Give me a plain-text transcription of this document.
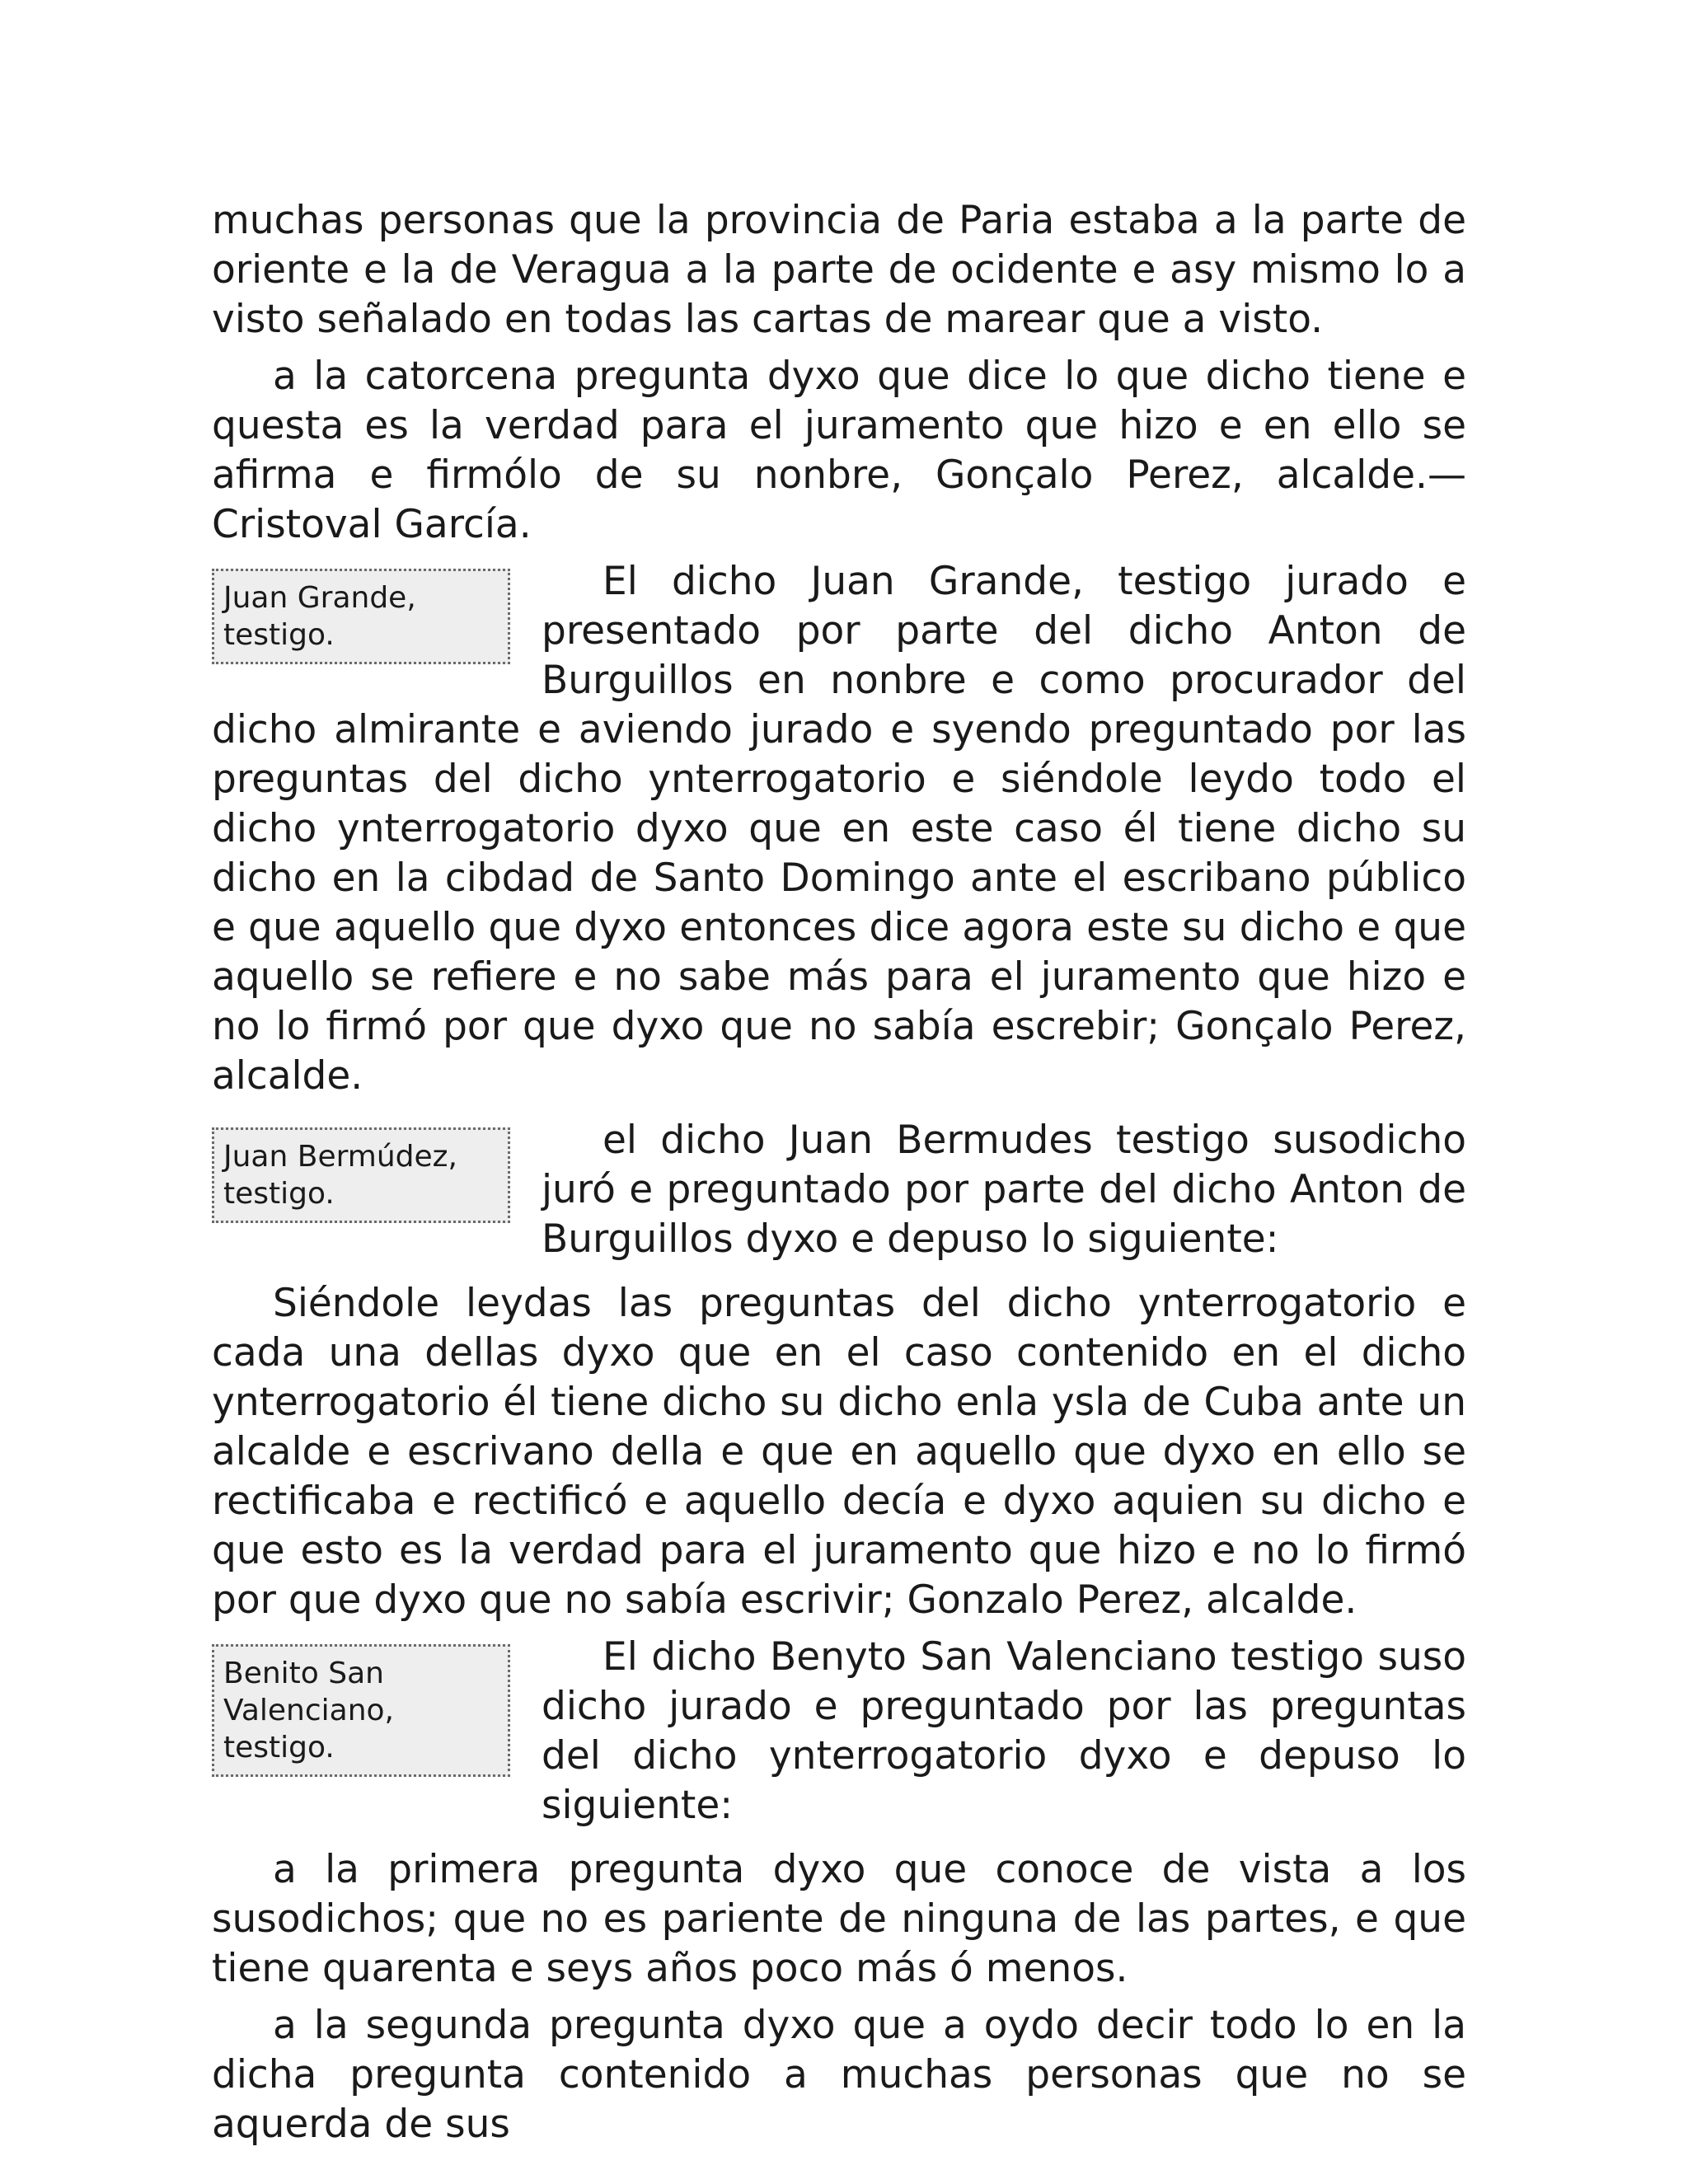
muchas personas que la provincia de Paria estaba a la parte de oriente e la de Veragua a la parte de ocidente e asy mismo lo a visto señalado en todas las cartas de marear que a visto.

a la catorcena pregunta dyxo que dice lo que dicho tiene e questa es la verdad para el juramento que hizo e en ello se afirma e firmólo de su nonbre, Gonçalo Perez, alcalde.—Cristoval García.

Juan Grande, testigo.

El dicho Juan Grande, testigo jurado e presentado por parte del dicho Anton de Burguillos en nonbre e como procurador del dicho almirante e aviendo jurado e syendo preguntado por las preguntas del dicho ynterrogatorio e siéndole leydo todo el dicho ynterrogatorio dyxo que en este caso él tiene dicho su dicho en la cibdad de Santo Domingo ante el escribano público e que aquello que dyxo entonces dice agora este su dicho e que aquello se refiere e no sabe más para el juramento que hizo e no lo firmó por que dyxo que no sabía escrebir; Gonçalo Perez, alcalde.

Juan Bermúdez, testigo.

el dicho Juan Bermudes testigo susodicho juró e preguntado por parte del dicho Anton de Burguillos dyxo e depuso lo siguiente:

Siéndole leydas las preguntas del dicho ynterrogatorio e cada una dellas dyxo que en el caso contenido en el dicho ynterrogatorio él tiene dicho su dicho enla ysla de Cuba ante un alcalde e escrivano della e que en aquello que dyxo en ello se rectificaba e rectificó e aquello decía e dyxo aquien su dicho e que esto es la verdad para el juramento que hizo e no lo firmó por que dyxo que no sabía escrivir; Gonzalo Perez, alcalde.

Benito San Valenciano, testigo.

El dicho Benyto San Valenciano testigo suso dicho jurado e preguntado por las preguntas del dicho ynterrogatorio dyxo e depuso lo siguiente:

a la primera pregunta dyxo que conoce de vista a los susodichos; que no es pariente de ninguna de las partes, e que tiene quarenta e seys años poco más ó menos.

a la segunda pregunta dyxo que a oydo decir todo lo en la dicha pregunta contenido a muchas personas que no se aquerda de sus
